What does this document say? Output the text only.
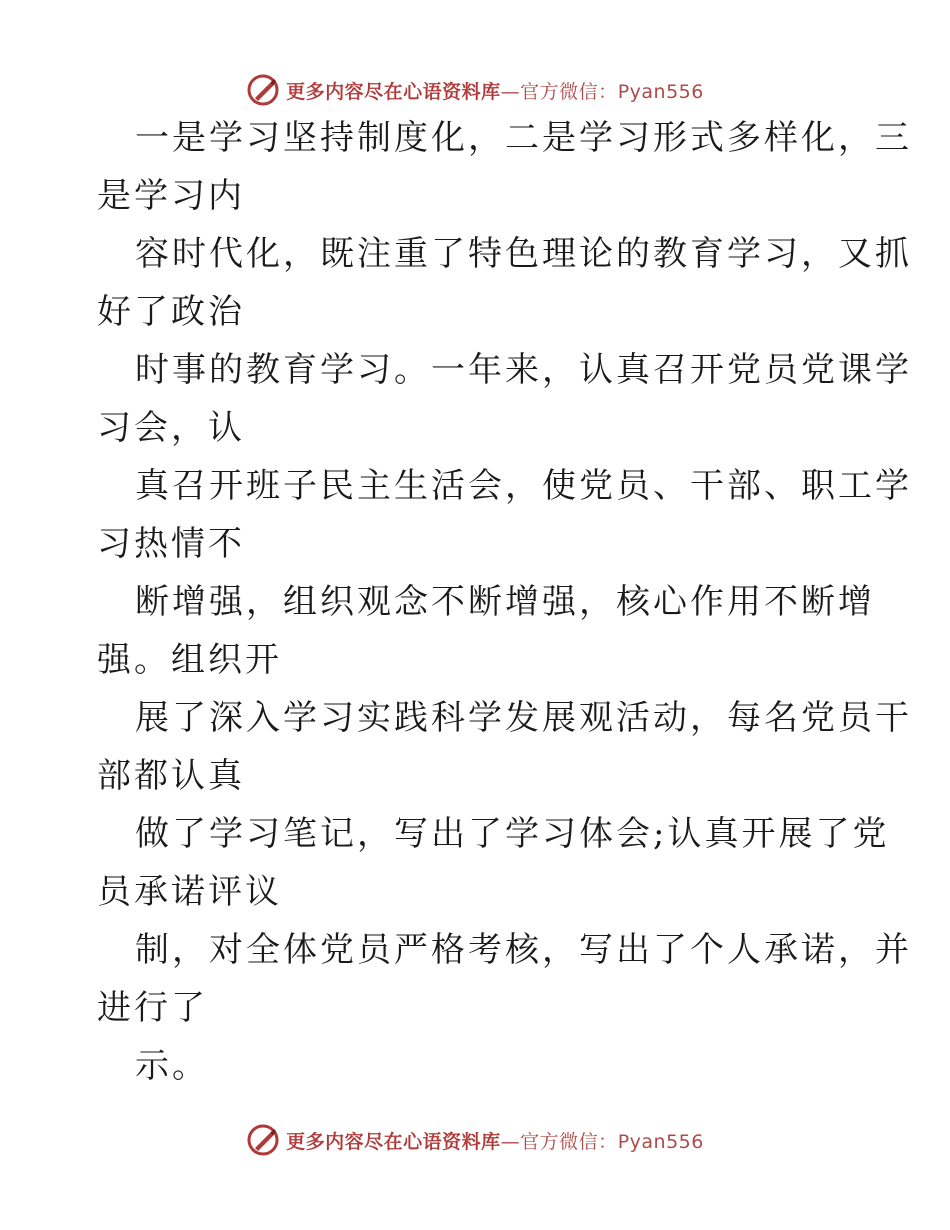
更多内容尽在心语资料库—官方微信：Pyan556
一是学习坚持制度化，二是学习形式多样化，三
是学习内
容时代化，既注重了特色理论的教育学习，又抓
好了政治
时事的教育学习。一年来，认真召开党员党课学
习会，认
真召开班子民主生活会，使党员、干部、职工学
习热情不
断增强，组织观念不断增强，核心作用不断增
强。组织开
展了深入学习实践科学发展观活动，每名党员干
部都认真
做了学习笔记，写出了学习体会;认真开展了党
员承诺评议
制，对全体党员严格考核，写出了个人承诺，并
进行了
示。
更多内容尽在心语资料库—官方微信：Pyan556
